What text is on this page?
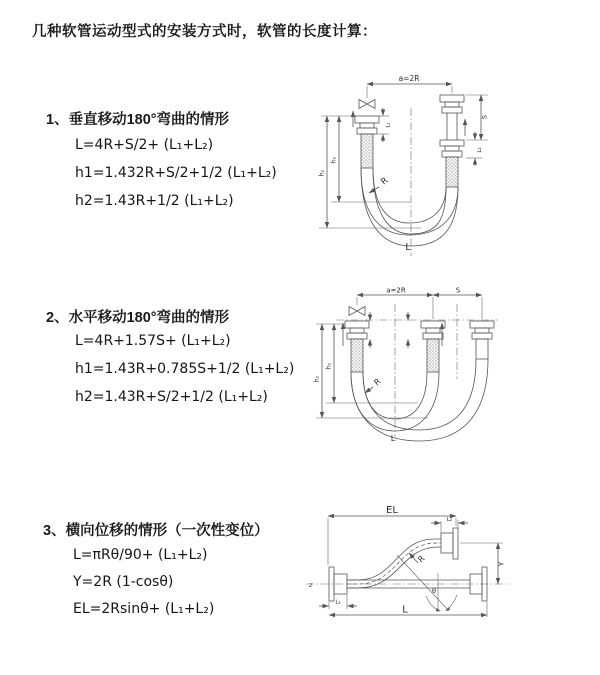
几种软管运动型式的安装方式时，软管的长度计算：
1、垂直移动180°弯曲的情形
L=4R+S/2+ (L₁+L₂)
h1=1.432R+S/2+1/2 (L₁+L₂)
h2=1.43R+1/2 (L₁+L₂)
a=2R
L₁
h₁
h₂
S
L₂
R
L
2、水平移动180°弯曲的情形
L=4R+1.57S+ (L₁+L₂)
h1=1.43R+0.785S+1/2 (L₁+L₂)
h2=1.43R+S/2+1/2 (L₁+L₂)
a=2R	S
h₁
h₂	R
L
3、横向位移的情形（一次性变位）
L=πRθ/90+ (L₁+L₂)
Y=2R (1-cosθ)
EL=2Rsinθ+ (L₁+L₂)
z
EL
L₂
Y
L₁
L
θ
R
